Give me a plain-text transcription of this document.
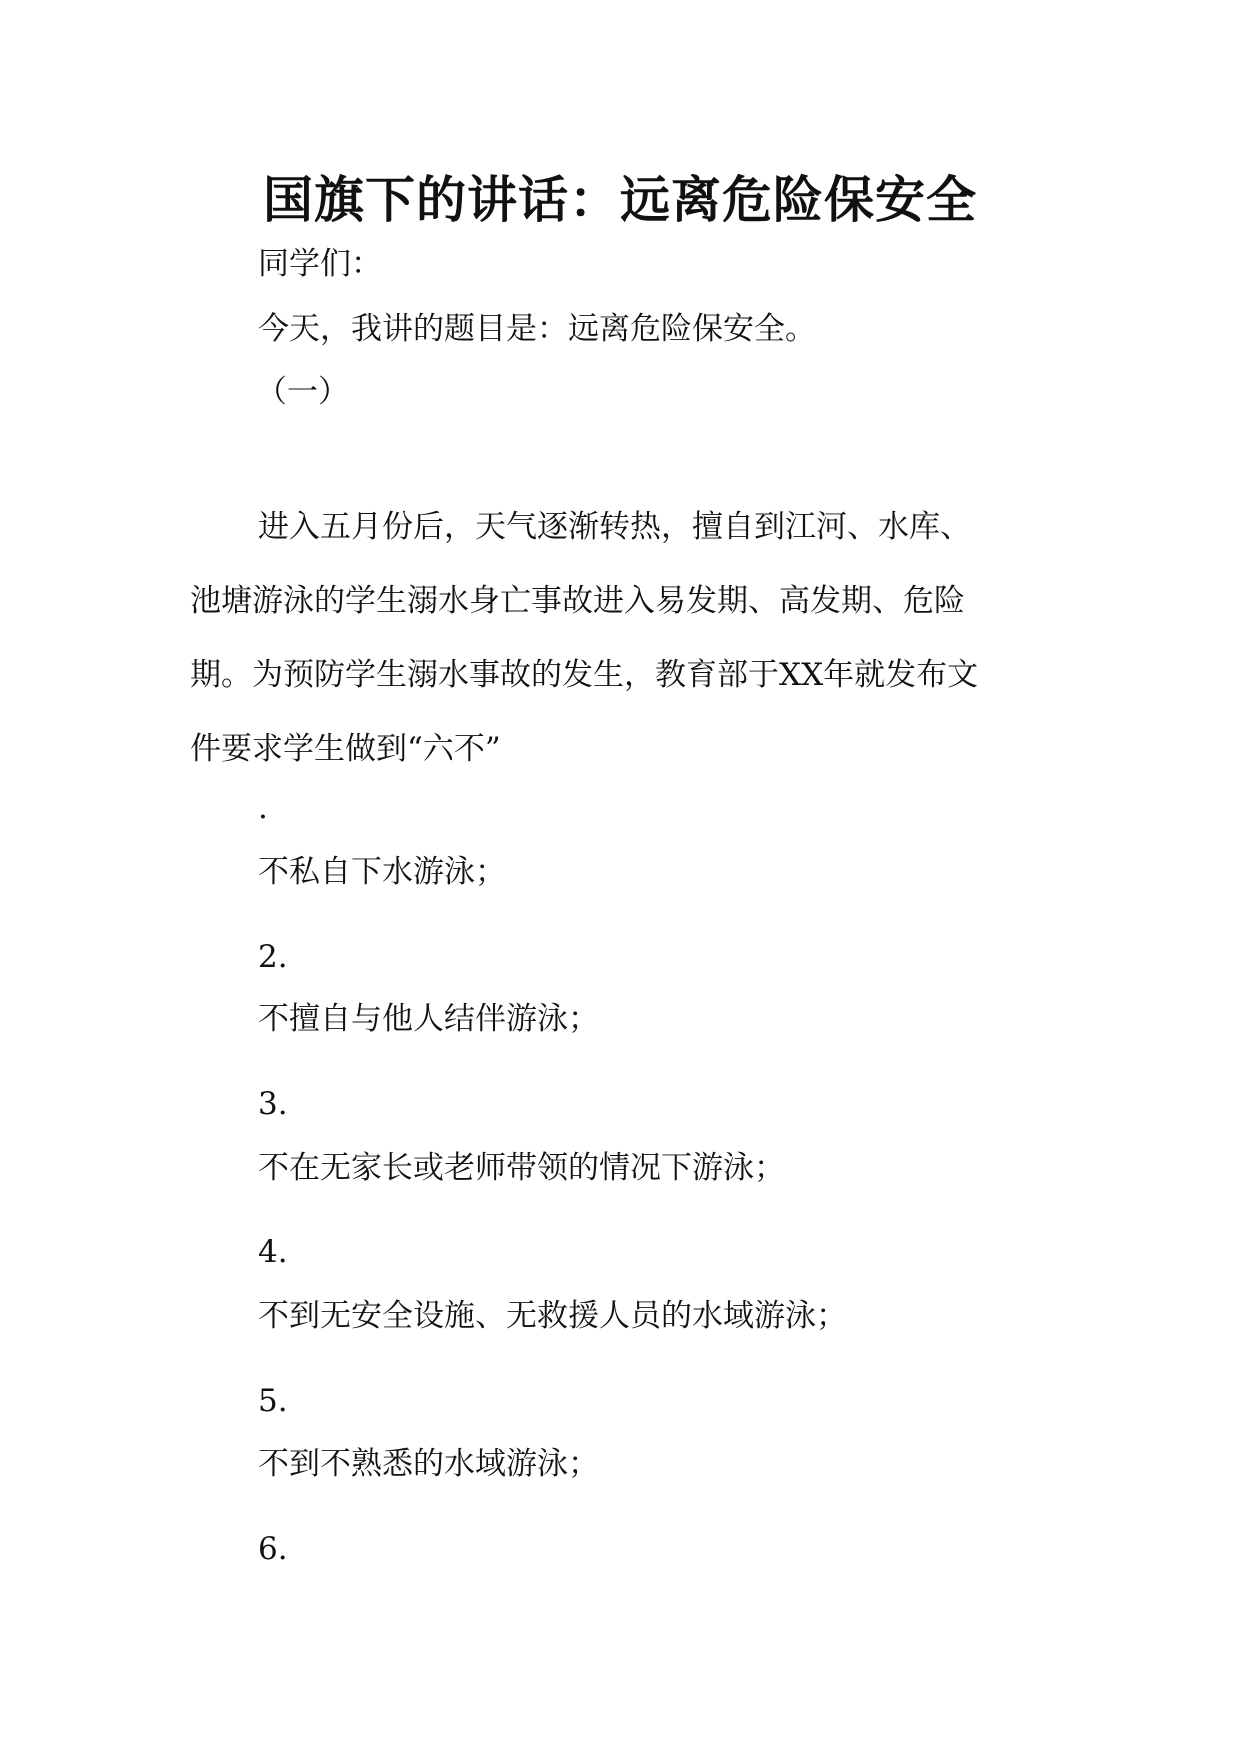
国旗下的讲话：远离危险保安全

同学们：

今天，我讲的题目是：远离危险保安全。

（一）

进入五月份后，天气逐渐转热，擅自到江河、水库、
池塘游泳的学生溺水身亡事故进入易发期、高发期、危险
期。为预防学生溺水事故的发生，教育部于XX年就发布文
件要求学生做到“六不”

.

不私自下水游泳；

2.

不擅自与他人结伴游泳；

3.

不在无家长或老师带领的情况下游泳；

4.

不到无安全设施、无救援人员的水域游泳；

5.

不到不熟悉的水域游泳；

6.
